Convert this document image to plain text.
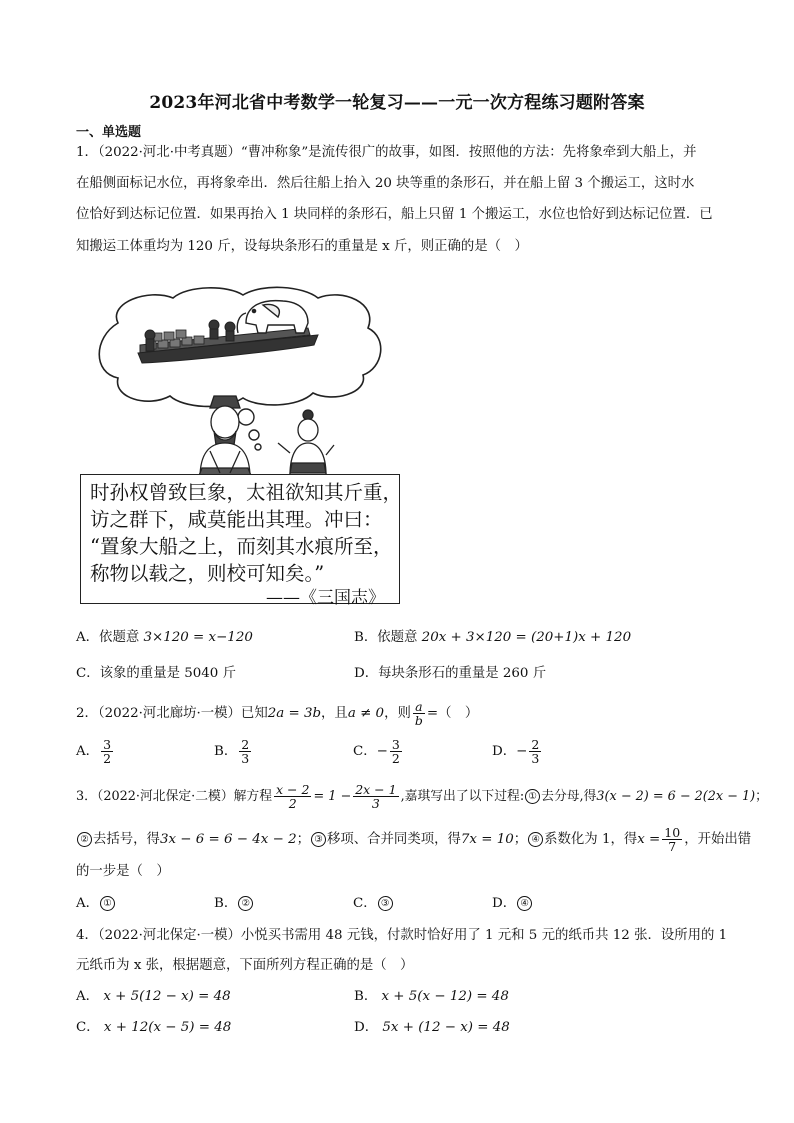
2023年河北省中考数学一轮复习——一元一次方程练习题附答案
一、单选题
1．（2022·河北·中考真题）“曹冲称象”是流传很广的故事，如图．按照他的方法：先将象牵到大船上，并
在船侧面标记水位，再将象牵出．然后往船上抬入 20 块等重的条形石，并在船上留 3 个搬运工，这时水
位恰好到达标记位置．如果再抬入 1 块同样的条形石，船上只留 1 个搬运工，水位也恰好到达标记位置．已
知搬运工体重均为 120 斤，设每块条形石的重量是 x 斤，则正确的是（　）
时孙权曾致巨象，太祖欲知其斤重，
访之群下，咸莫能出其理。冲曰：
“置象大船之上，而刻其水痕所至，
称物以载之，则校可知矣。”
——《三国志》
A．依题意 3×120 = x−120	B．依题意 20x + 3×120 = (20+1)x + 120
C．该象的重量是 5040 斤	D．每块条形石的重量是 260 斤
2．（2022·河北廊坊·一模）已知2a = 3b，且a ≠ 0，则 $\frac{a}{b}$ =（　）
A． $\frac{3}{2}$	B． $\frac{2}{3}$	C．− $\frac{3}{2}$	D．− $\frac{2}{3}$
3．（2022·河北保定·二模）解方程 $\frac{x - 2}{2} = 1 - \frac{2x - 1}{3}$ ,嘉琪写出了以下过程: ① 去分母,得3(x − 2) = 6 − 2(2x − 1)；
② 去括号，得3x − 6 = 6 − 4x − 2； ③ 移项、合并同类项，得7x = 10； ④ 系数化为 1，得$x = \frac{10}{7}$ ，开始出错
的一步是（　）
A． ①	B． ②	C． ③	D． ④
4．（2022·河北保定·一模）小悦买书需用 48 元钱，付款时恰好用了 1 元和 5 元的纸币共 12 张．设所用的 1
元纸币为 x 张，根据题意，下面所列方程正确的是（　）
A． x + 5(12 − x) = 48	B． x + 5(x − 12) = 48
C． x + 12(x − 5) = 48	D． 5x + (12 − x) = 48
